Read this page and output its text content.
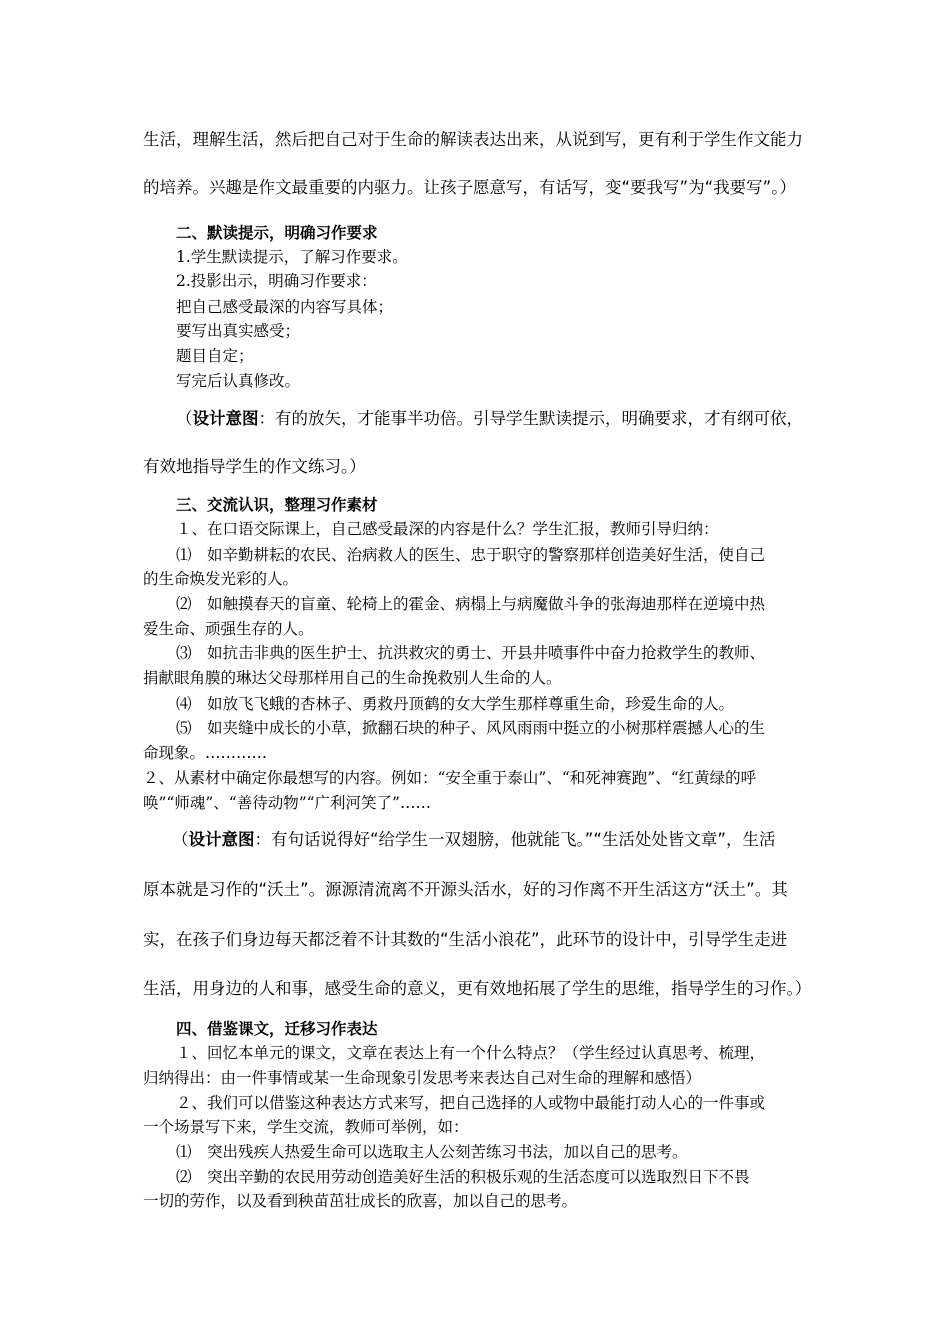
生活，理解生活，然后把自己对于生命的解读表达出来，从说到写，更有利于学生作文能力

的培养。兴趣是作文最重要的内驱力。让孩子愿意写，有话写，变“要我写”为“我要写”。）

二、默读提示，明确习作要求

1.学生默读提示，了解习作要求。

2.投影出示，明确习作要求：

把自己感受最深的内容写具体；

要写出真实感受；

题目自定；

写完后认真修改。

（设计意图：有的放矢，才能事半功倍。引导学生默读提示，明确要求，才有纲可依，

有效地指导学生的作文练习。）

三、交流认识，整理习作素材

１、在口语交际课上，自己感受最深的内容是什么？学生汇报，教师引导归纳：

⑴　如辛勤耕耘的农民、治病救人的医生、忠于职守的警察那样创造美好生活，使自己

的生命焕发光彩的人。

⑵　如触摸春天的盲童、轮椅上的霍金、病榻上与病魔做斗争的张海迪那样在逆境中热

爱生命、顽强生存的人。

⑶　如抗击非典的医生护士、抗洪救灾的勇士、开县井喷事件中奋力抢救学生的教师、

捐献眼角膜的琳达父母那样用自己的生命挽救别人生命的人。

⑷　如放飞飞蛾的杏林子、勇救丹顶鹤的女大学生那样尊重生命，珍爱生命的人。

⑸　如夹缝中成长的小草，掀翻石块的种子、风风雨雨中挺立的小树那样震撼人心的生

命现象。…………

２、从素材中确定你最想写的内容。例如：“安全重于泰山”、“和死神赛跑”、“红黄绿的呼

唤”“师魂”、“善待动物”“广利河笑了”……

（设计意图：有句话说得好“给学生一双翅膀，他就能飞。”“生活处处皆文章”，生活

原本就是习作的“沃土”。源源清流离不开源头活水，好的习作离不开生活这方“沃土”。其

实，在孩子们身边每天都泛着不计其数的“生活小浪花”，此环节的设计中，引导学生走进

生活，用身边的人和事，感受生命的意义，更有效地拓展了学生的思维，指导学生的习作。）

四、借鉴课文，迁移习作表达

１、回忆本单元的课文，文章在表达上有一个什么特点？（学生经过认真思考、梳理，

归纳得出：由一件事情或某一生命现象引发思考来表达自己对生命的理解和感悟）

２、我们可以借鉴这种表达方式来写，把自己选择的人或物中最能打动人心的一件事或

一个场景写下来，学生交流，教师可举例，如：

⑴　突出残疾人热爱生命可以选取主人公刻苦练习书法，加以自己的思考。

⑵　突出辛勤的农民用劳动创造美好生活的积极乐观的生活态度可以选取烈日下不畏

一切的劳作，以及看到秧苗茁壮成长的欣喜，加以自己的思考。
